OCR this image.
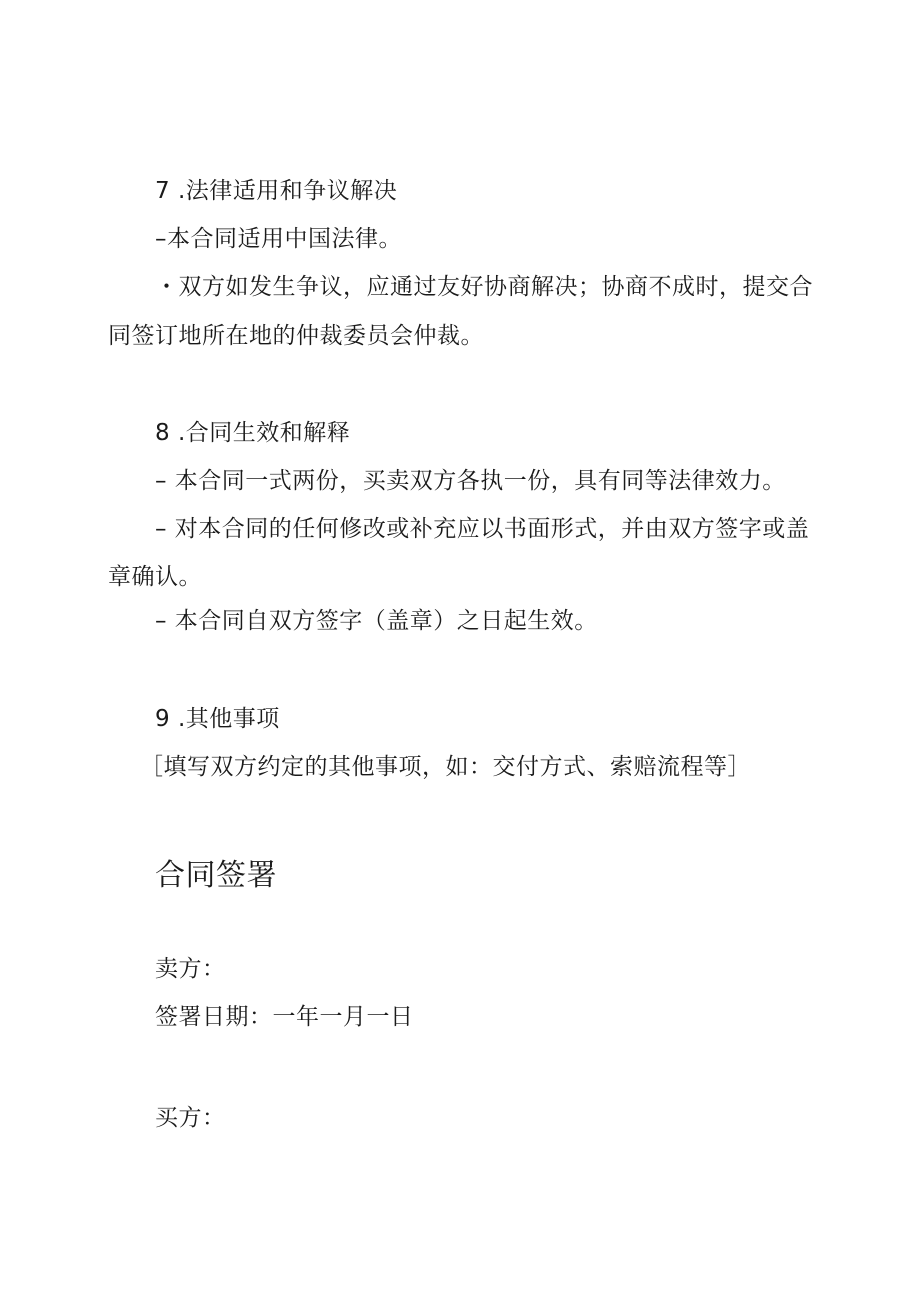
7 .法律适用和争议解决
–本合同适用中国法律。
・双方如发生争议，应通过友好协商解决；协商不成时，提交合
同签订地所在地的仲裁委员会仲裁。
8 .合同生效和解释
– 本合同一式两份，买卖双方各执一份，具有同等法律效力。
– 对本合同的任何修改或补充应以书面形式，并由双方签字或盖
章确认。
– 本合同自双方签字（盖章）之日起生效。
9 .其他事项
［填写双方约定的其他事项，如：交付方式、索赔流程等］
合同签署
卖方：
签署日期：一年一月一日
买方：
